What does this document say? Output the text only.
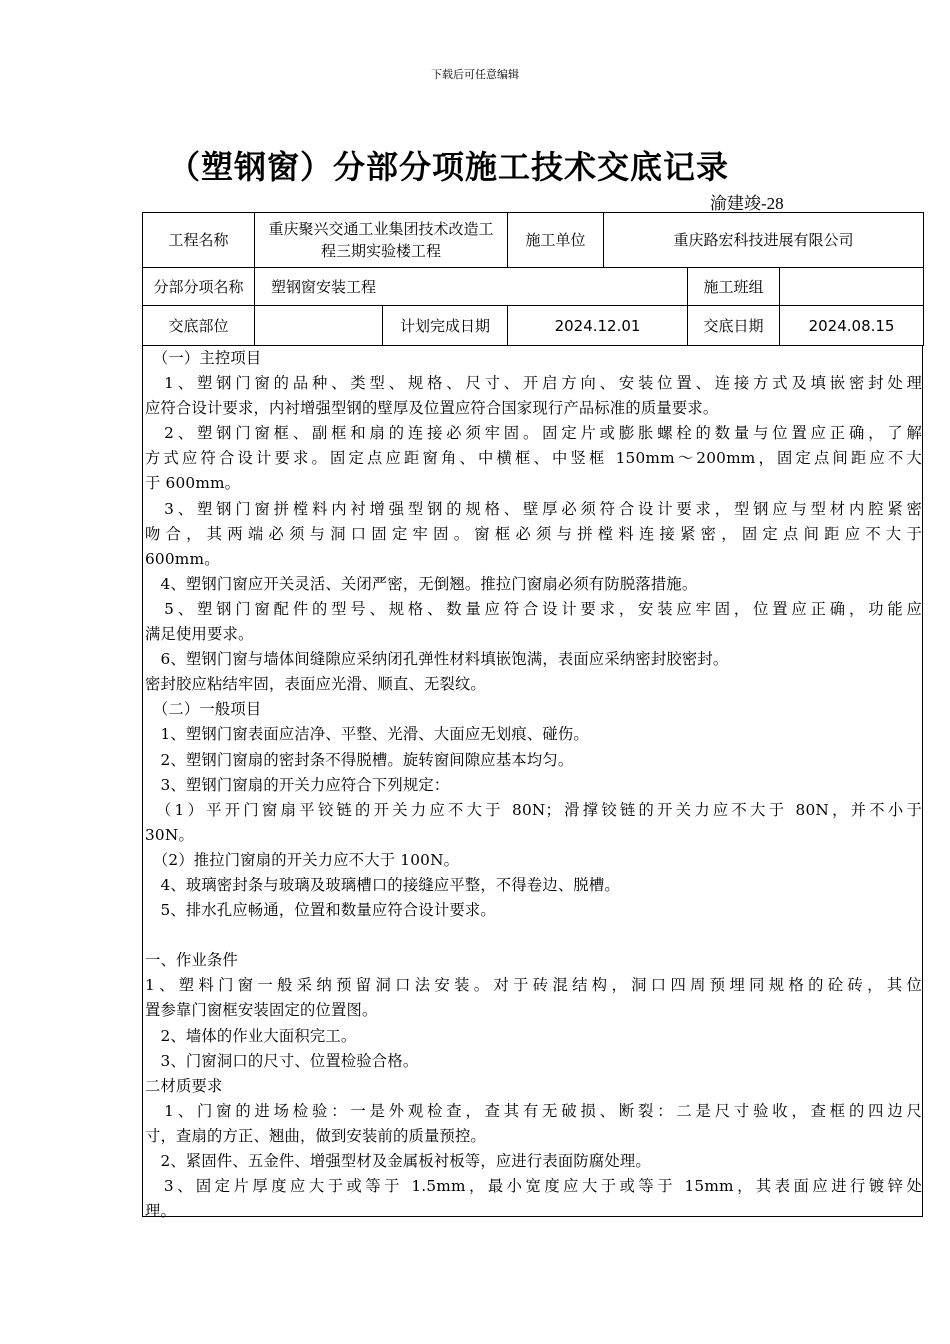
下载后可任意编辑
（塑钢窗）分部分项施工技术交底记录
渝建竣-28
工程名称	重庆聚兴交通工业集团技术改造工
程三期实验楼工程		施工单位	重庆路宏科技进展有限公司		
分部分项名称	塑钢窗安装工程				施工班组	
交底部位		计划完成日期	2024.12.01		交底日期	2024.08.15
　（一）主控项目
　1、塑钢门窗的品种、类型、规格、尺寸、开启方向、安装位置、连接方式及填嵌密封处理
应符合设计要求，内衬增强型钢的壁厚及位置应符合国家现行产品标准的质量要求。
　2、塑钢门窗框、副框和扇的连接必须牢固。固定片或膨胀螺栓的数量与位置应正确，了解
方式应符合设计要求。固定点应距窗角、中横框、中竖框 150mm～200mm，固定点间距应不大
于 600mm。
　3、塑钢门窗拼樘料内衬增强型钢的规格、壁厚必须符合设计要求，型钢应与型材内腔紧密
吻合，其两端必须与洞口固定牢固。窗框必须与拼樘料连接紧密，固定点间距应不大于
600mm。
　4、塑钢门窗应开关灵活、关闭严密，无倒翘。推拉门窗扇必须有防脱落措施。
　5、塑钢门窗配件的型号、规格、数量应符合设计要求，安装应牢固，位置应正确，功能应
满足使用要求。
　6、塑钢门窗与墙体间缝隙应采纳闭孔弹性材料填嵌饱满，表面应采纳密封胶密封。
密封胶应粘结牢固，表面应光滑、顺直、无裂纹。
　（二）一般项目
　1、塑钢门窗表面应洁净、平整、光滑、大面应无划痕、碰伤。
　2、塑钢门窗扇的密封条不得脱槽。旋转窗间隙应基本均匀。
　3、塑钢门窗扇的开关力应符合下列规定：
　（1）平开门窗扇平铰链的开关力应不大于 80N；滑撑铰链的开关力应不大于 80N，并不小于
30N。
　（2）推拉门窗扇的开关力应不大于 100N。
　4、玻璃密封条与玻璃及玻璃槽口的接缝应平整，不得卷边、脱槽。
　5、排水孔应畅通，位置和数量应符合设计要求。
一、作业条件
1、塑料门窗一般采纳预留洞口法安装。对于砖混结构，洞口四周预埋同规格的砼砖，其位
置参靠门窗框安装固定的位置图。
　2、墙体的作业大面积完工。
　3、门窗洞口的尺寸、位置检验合格。
二材质要求
　1、门窗的进场检验：一是外观检查，查其有无破损、断裂：二是尺寸验收，查框的四边尺
寸，查扇的方正、翘曲，做到安装前的质量预控。
　2、紧固件、五金件、增强型材及金属板衬板等，应进行表面防腐处理。
　3、固定片厚度应大于或等于 1.5mm，最小宽度应大于或等于 15mm，其表面应进行镀锌处
理。
